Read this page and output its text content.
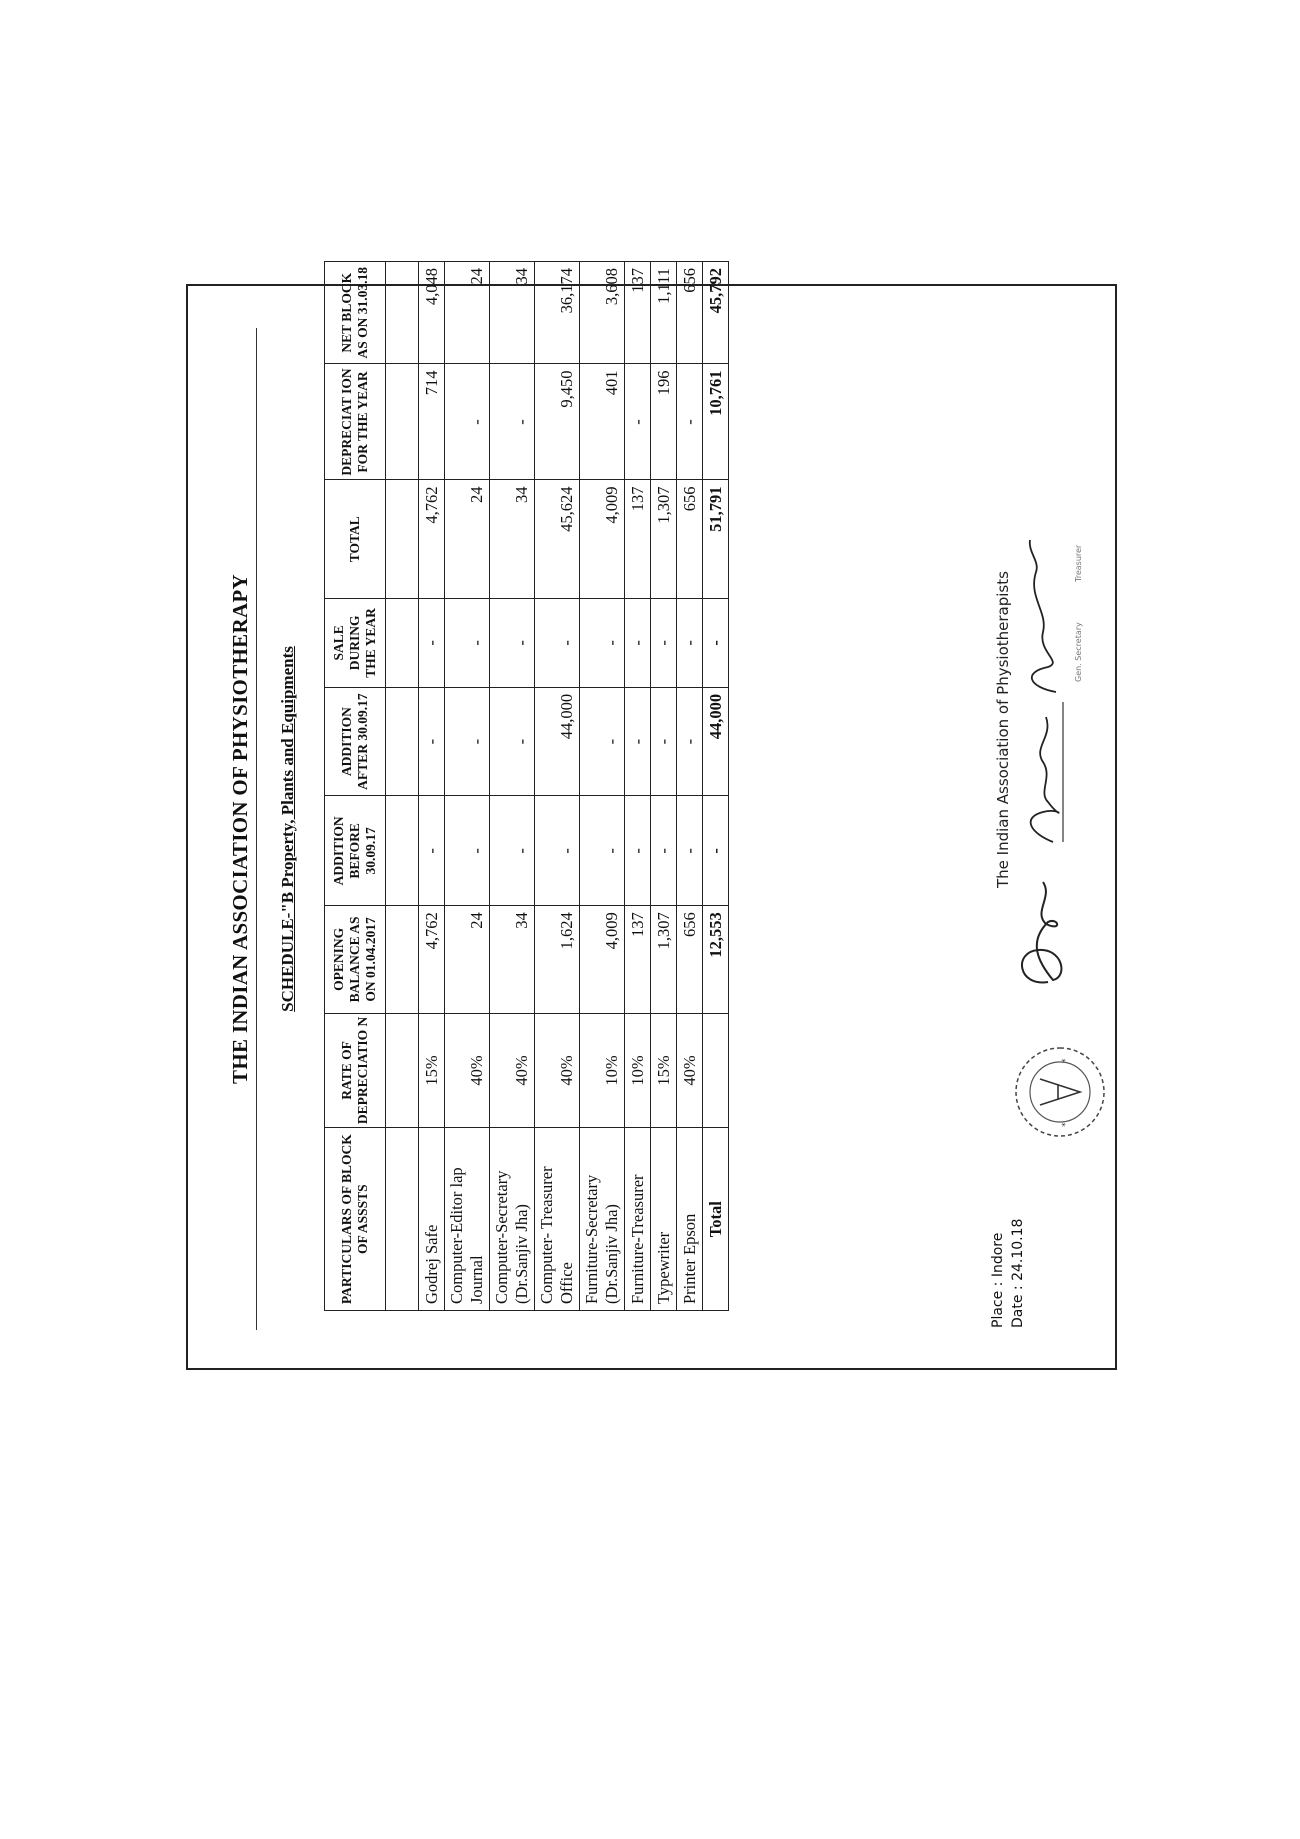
THE INDIAN ASSOCIATION OF PHYSIOTHERAPY SCHEDULE-"B Property, Plants and Equipments
PARTICULARS OF BLOCK OF ASSSTS	RATE OF DEPRECIATIO N	OPENING BALANCE AS ON 01.04.2017	ADDITION BEFORE 30.09.17	ADDITION AFTER 30.09.17	SALE DURING THE YEAR	TOTAL	DEPRECIAT ION FOR THE YEAR	NET BLOCK AS ON 31.03.18

Godrej Safe	15%	4,762	-	-	-	4,762	714	4,048
Computer-Editor lap Journal	40%	24	-	-	-	24	-	24
Computer-Secretary (Dr.Sanjiv Jha)	40%	34	-	-	-	34	-	34
Computer- Treasurer Office	40%	1,624	-	44,000	-	45,624	9,450	36,174
Furniture-Secretary (Dr.Sanjiv Jha)	10%	4,009	-	-	-	4,009	401	3,608
Furniture-Treasurer	10%	137	-	-	-	137	-	137
Typewriter	15%	1,307	-	-	-	1,307	196	1,111
Printer Epson	40%	656	-	-	-	656	-	656
Total		12,553	-	44,000	-	51,791	10,761	45,792
Place : Indore Date : 24.10.18
The Indian Association of Physiotherapists
*
*
Gen. Secretary
Treasurer
